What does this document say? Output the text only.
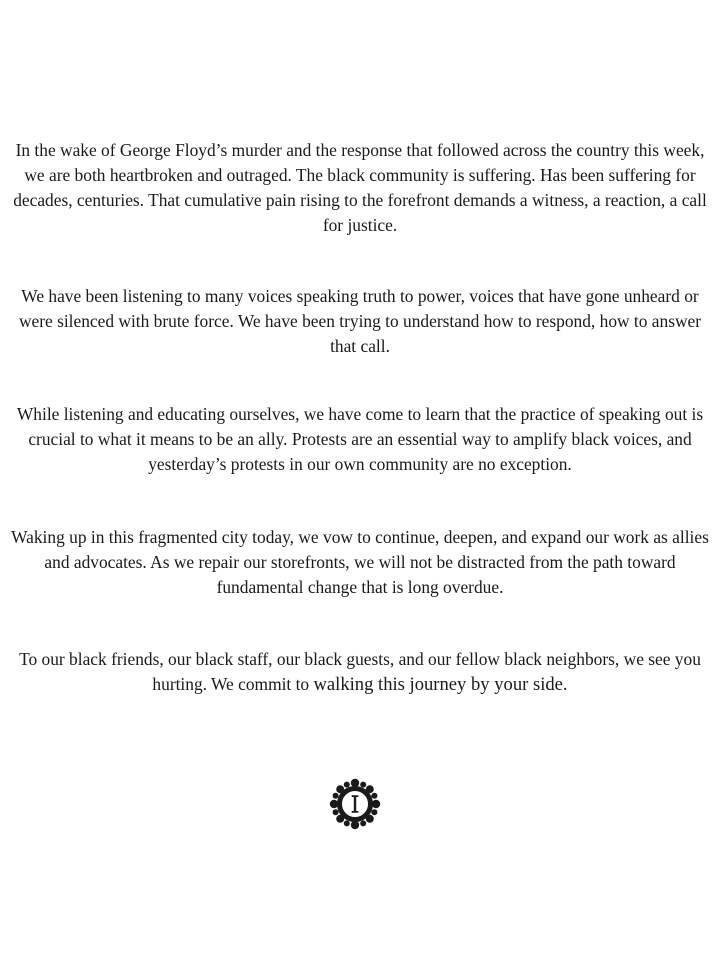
In the wake of George Floyd’s murder and the response that followed across the country this week, we are both heartbroken and outraged. The black community is suffering. Has been suffering for decades, centuries. That cumulative pain rising to the forefront demands a witness, a reaction, a call for justice.

We have been listening to many voices speaking truth to power, voices that have gone unheard or were silenced with brute force. We have been trying to understand how to respond, how to answer that call.

While listening and educating ourselves, we have come to learn that the practice of speaking out is crucial to what it means to be an ally. Protests are an essential way to amplify black voices, and yesterday’s protests in our own community are no exception.

Waking up in this fragmented city today, we vow to continue, deepen, and expand our work as allies and advocates. As we repair our storefronts, we will not be distracted from the path toward fundamental change that is long overdue.

To our black friends, our black staff, our black guests, and our fellow black neighbors, we see you hurting. We commit to walking this journey by your side.
